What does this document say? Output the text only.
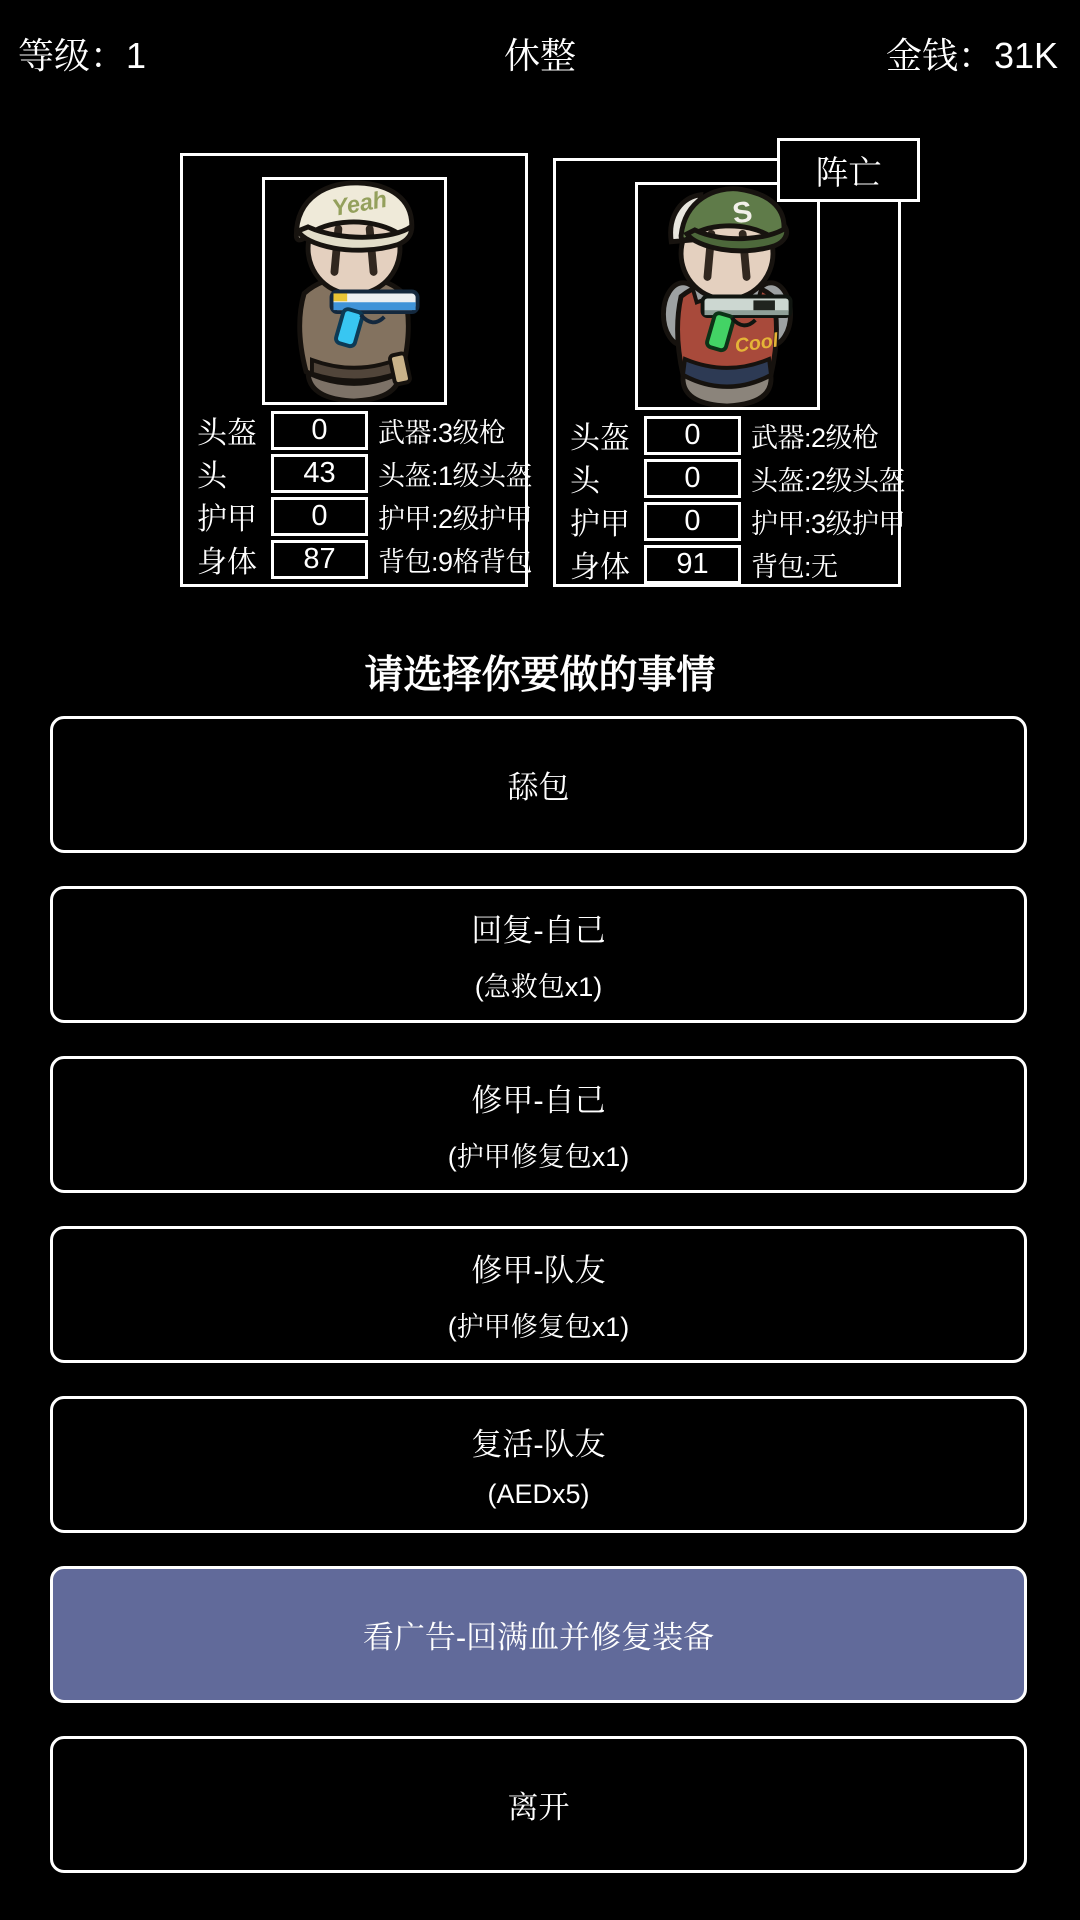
等级：1	休整	金钱：31K
Yeah
头盔	0	武器:3级枪
头	43	头盔:1级头盔
护甲	0	护甲:2级护甲
身体	87	背包:9格背包
Cool
S
头盔	0	武器:2级枪
头	0	头盔:2级头盔
护甲	0	护甲:3级护甲
身体	91	背包:无
阵亡
请选择你要做的事情
舔包
回复-自己
(急救包x1)
修甲-自己
(护甲修复包x1)
修甲-队友
(护甲修复包x1)
复活-队友
(AEDx5)
看广告-回满血并修复装备
离开
